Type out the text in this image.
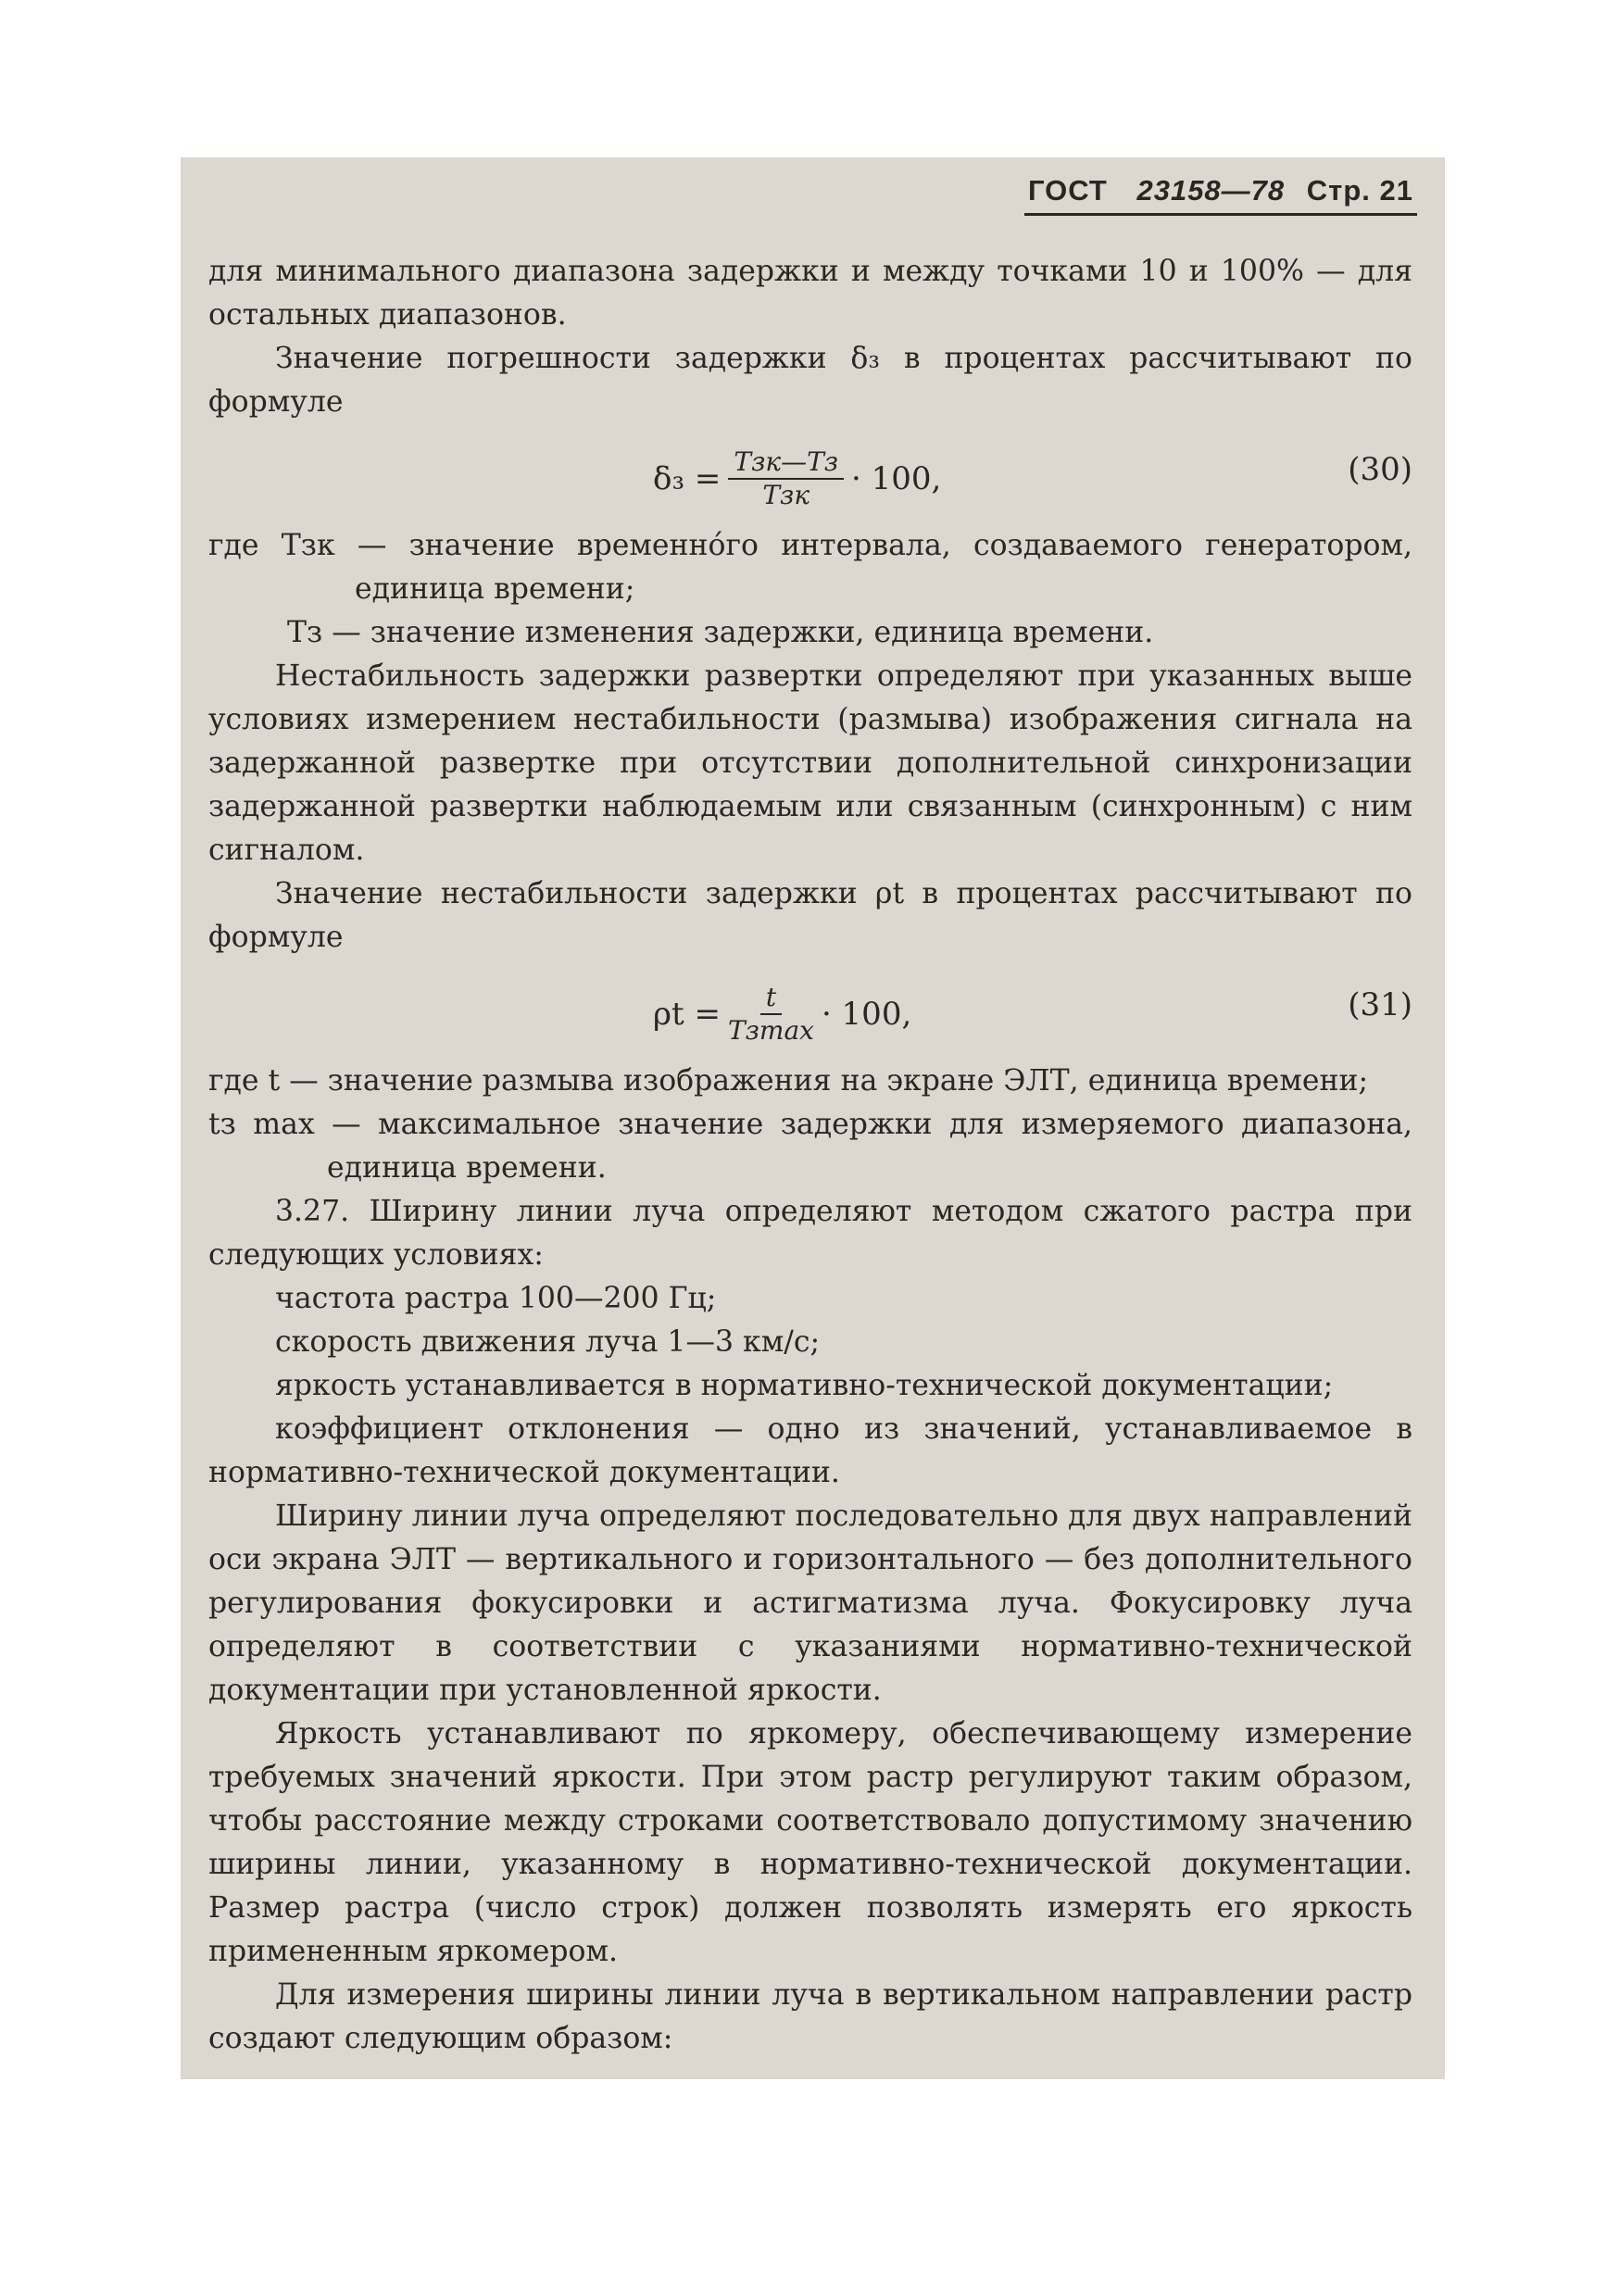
ГОСТ 23158—78 Стр. 21

для минимального диапазона задержки и между точками 10 и 100% — для остальных диапазонов.

Значение погрешности задержки δ₃ в процентах рассчитывают по формуле

$\delta_3 = \frac{\text{Tзк—Tз}}{\text{Tзк}} \cdot 100$,	(30)

где Tзк — значение временнóго интервала, создаваемого генератором, единица времени;

Tз — значение изменения задержки, единица времени.

Нестабильность задержки развертки определяют при указанных выше условиях измерением нестабильности (размыва) изображения сигнала на задержанной развертке при отсутствии дополнительной синхронизации задержанной развертки наблюдаемым или связанным (синхронным) с ним сигналом.

Значение нестабильности задержки ρt в процентах рассчитывают по формуле

$\rho t = \frac{t}{Tз\max} \cdot 100$,	(31)

где t — значение размыва изображения на экране ЭЛТ, единица времени;

tз max — максимальное значение задержки для измеряемого диапазона, единица времени.

3.27. Ширину линии луча определяют методом сжатого растра при следующих условиях:

частота растра 100—200 Гц;

скорость движения луча 1—3 км/с;

яркость устанавливается в нормативно-технической документации;

коэффициент отклонения — одно из значений, устанавливаемое в нормативно-технической документации.

Ширину линии луча определяют последовательно для двух направлений оси экрана ЭЛТ — вертикального и горизонтального — без дополнительного регулирования фокусировки и астигматизма луча. Фокусировку луча определяют в соответствии с указаниями нормативно-технической документации при установленной яркости.

Яркость устанавливают по яркомеру, обеспечивающему измерение требуемых значений яркости. При этом растр регулируют таким образом, чтобы расстояние между строками соответствовало допустимому значению ширины линии, указанному в нормативно-технической документации. Размер растра (число строк) должен позволять измерять его яркость примененным яркомером.

Для измерения ширины линии луча в вертикальном направлении растр создают следующим образом:
